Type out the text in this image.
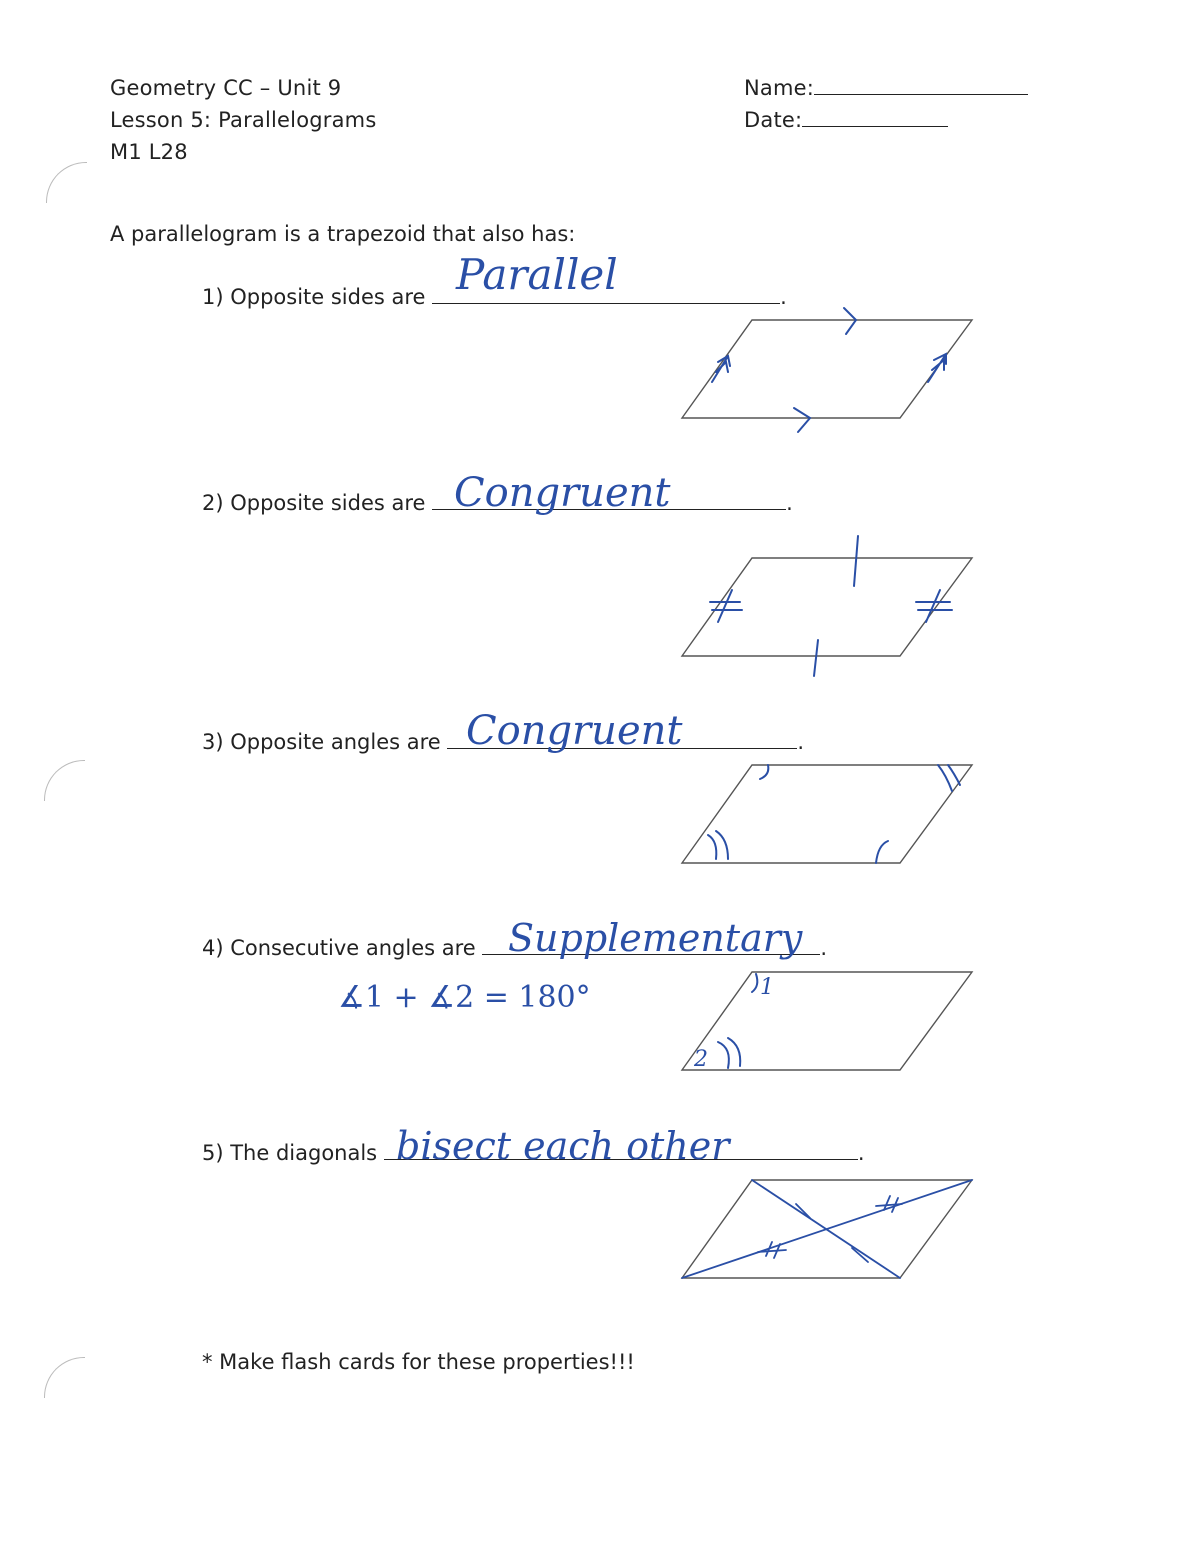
Geometry CC – Unit 9
Lesson 5: Parallelograms
M1 L28
Name:
Date:
A parallelogram is a trapezoid that also has:
1) Opposite sides are	.
Parallel
2) Opposite sides are	.
Congruent
3) Opposite angles are	.
Congruent
4) Consecutive angles are	.
Supplementary
∡1 + ∡2 = 180°	1
2
5) The diagonals	.
bisect each other
* Make flash cards for these properties!!!
